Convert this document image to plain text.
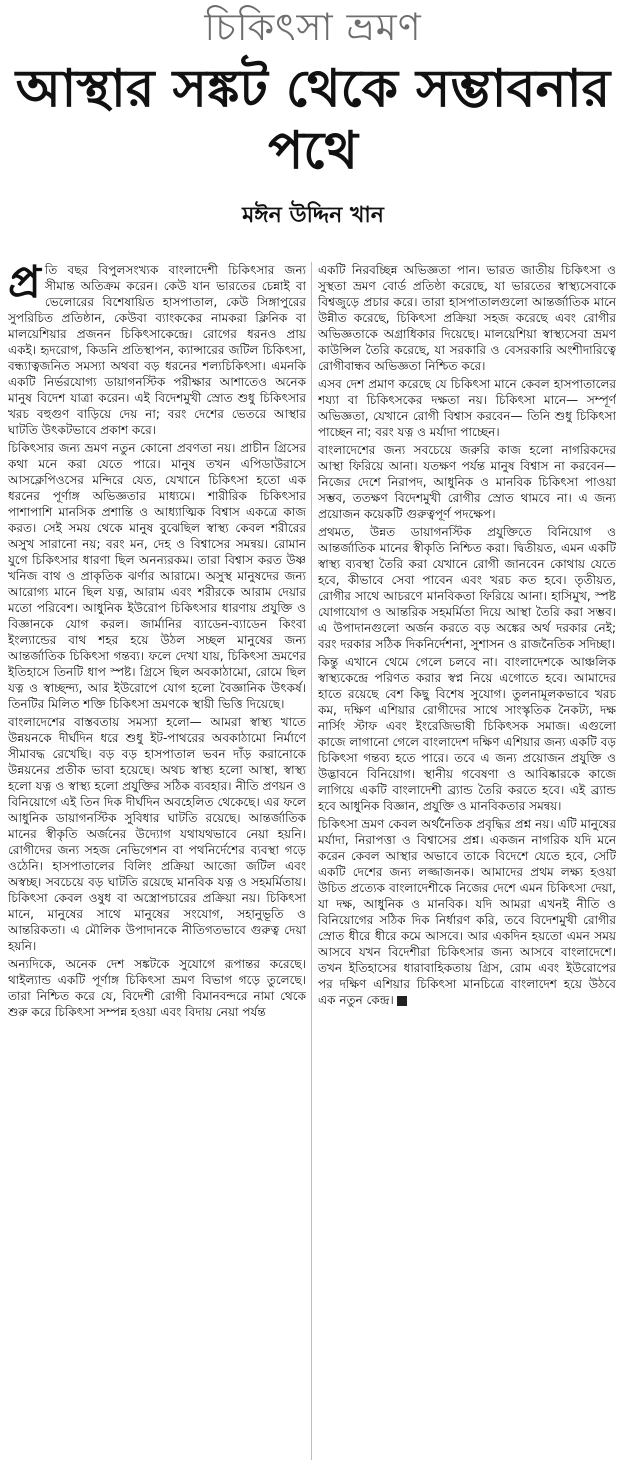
চিকিৎসা ভ্রমণ
আস্থার সঙ্কট থেকে সম্ভাবনার পথে
মঈন উদ্দিন খান

প্র তি বছর বিপুলসংখ্যক বাংলাদেশী চিকিৎসার জন্য সীমান্ত অতিক্রম করেন। কেউ যান ভারতের চেন্নাই বা ভেলোরের বিশেষায়িত হাসপাতাল, কেউ সিঙ্গাপুরের সুপরিচিত প্রতিষ্ঠান, কেউবা ব্যাংককের নামকরা ক্লিনিক বা মালয়েশিয়ার প্রজনন চিকিৎসাকেন্দ্রে। রোগের ধরনও প্রায় একই। হৃদরোগ, কিডনি প্রতিস্থাপন, ক্যান্সারের জটিল চিকিৎসা, বন্ধ্যাত্বজনিত সমস্যা অথবা বড় ধরনের শল্যচিকিৎসা। এমনকি একটি নির্ভরযোগ্য ডায়াগনস্টিক পরীক্ষার আশাতেও অনেক মানুষ বিদেশ যাত্রা করেন। এই বিদেশমুখী স্রোত শুধু চিকিৎসার খরচ বহুগুণ বাড়িয়ে দেয় না; বরং দেশের ভেতরে আস্থার ঘাটতি উৎকটভাবে প্রকাশ করে।

চিকিৎসার জন্য ভ্রমণ নতুন কোনো প্রবণতা নয়। প্রাচীন গ্রিসের কথা মনে করা যেতে পারে। মানুষ তখন এপিডাউরাসে আসক্লেপিওসের মন্দিরে যেত, যেখানে চিকিৎসা হতো এক ধরনের পূর্ণাঙ্গ অভিজ্ঞতার মাধ্যমে। শারীরিক চিকিৎসার পাশাপাশি মানসিক প্রশান্তি ও আধ্যাত্মিক বিশ্বাস একত্রে কাজ করত। সেই সময় থেকে মানুষ বুঝেছিল স্বাস্থ্য কেবল শরীরের অসুখ সারানো নয়; বরং মন, দেহ ও বিশ্বাসের সমন্বয়। রোমান যুগে চিকিৎসার ধারণা ছিল অনন্যরকম। তারা বিশ্বাস করত উষ্ণ খনিজ বাথ ও প্রাকৃতিক ঝর্ণার আরামে। অসুস্থ মানুষদের জন্য আরোগ্য মানে ছিল যত্ন, আরাম এবং শরীরকে আরাম দেয়ার মতো পরিবেশ। আধুনিক ইউরোপ চিকিৎসার ধারণায় প্রযুক্তি ও বিজ্ঞানকে যোগ করল। জার্মানির ব্যাডেন-ব্যাডেন কিংবা ইংল্যান্ডের বাথ শহর হয়ে উঠল সচ্ছল মানুষের জন্য আন্তর্জাতিক চিকিৎসা গন্তব্য। ফলে দেখা যায়, চিকিৎসা ভ্রমণের ইতিহাসে তিনটি ধাপ স্পষ্ট। গ্রিসে ছিল অবকাঠামো, রোমে ছিল যত্ন ও স্বাচ্ছন্দ্য, আর ইউরোপে যোগ হলো বৈজ্ঞানিক উৎকর্ষ। তিনটির মিলিত শক্তি চিকিৎসা ভ্রমণকে স্থায়ী ভিত্তি দিয়েছে।

বাংলাদেশের বাস্তবতায় সমস্যা হলো— আমরা স্বাস্থ্য খাতে উন্নয়নকে দীর্ঘদিন ধরে শুধু ইট-পাথরের অবকাঠামো নির্মাণে সীমাবদ্ধ রেখেছি। বড় বড় হাসপাতাল ভবন দাঁড় করানোকে উন্নয়নের প্রতীক ভাবা হয়েছে। অথচ স্বাস্থ্য হলো আস্থা, স্বাস্থ্য হলো যত্ন ও স্বাস্থ্য হলো প্রযুক্তির সঠিক ব্যবহার। নীতি প্রণয়ন ও বিনিয়োগে এই তিন দিক দীর্ঘদিন অবহেলিত থেকেছে। এর ফলে আধুনিক ডায়াগনস্টিক সুবিধার ঘাটতি রয়েছে। আন্তর্জাতিক মানের স্বীকৃতি অর্জনের উদ্যোগ যথাযথভাবে নেয়া হয়নি। রোগীদের জন্য সহজ নেভিগেশন বা পথনির্দেশের ব্যবস্থা গড়ে ওঠেনি। হাসপাতালের বিলিং প্রক্রিয়া আজো জটিল এবং অস্বচ্ছ। সবচেয়ে বড় ঘাটতি রয়েছে মানবিক যত্ন ও সহমর্মিতায়। চিকিৎসা কেবল ওষুধ বা অস্ত্রোপচারের প্রক্রিয়া নয়। চিকিৎসা মানে, মানুষের সাথে মানুষের সংযোগ, সহানুভূতি ও আন্তরিকতা। এ মৌলিক উপাদানকে নীতিগতভাবে গুরুত্ব দেয়া হয়নি।

অন্যদিকে, অনেক দেশ সঙ্কটকে সুযোগে রূপান্তর করেছে। থাইল্যান্ড একটি পূর্ণাঙ্গ চিকিৎসা ভ্রমণ বিভাগ গড়ে তুলেছে। তারা নিশ্চিত করে যে, বিদেশী রোগী বিমানবন্দরে নামা থেকে শুরু করে চিকিৎসা সম্পন্ন হওয়া এবং বিদায় নেয়া পর্যন্ত

একটি নিরবচ্ছিন্ন অভিজ্ঞতা পান। ভারত জাতীয় চিকিৎসা ও সুস্থতা ভ্রমণ বোর্ড প্রতিষ্ঠা করেছে, যা ভারতের স্বাস্থ্যসেবাকে বিশ্বজুড়ে প্রচার করে। তারা হাসপাতালগুলো আন্তর্জাতিক মানে উন্নীত করেছে, চিকিৎসা প্রক্রিয়া সহজ করেছে এবং রোগীর অভিজ্ঞতাকে অগ্রাধিকার দিয়েছে। মালয়েশিয়া স্বাস্থ্যসেবা ভ্রমণ কাউন্সিল তৈরি করেছে, যা সরকারি ও বেসরকারি অংশীদারিত্বে রোগীবান্ধব অভিজ্ঞতা নিশ্চিত করে।

এসব দেশ প্রমাণ করেছে যে চিকিৎসা মানে কেবল হাসপাতালের শয্যা বা চিকিৎসকের দক্ষতা নয়। চিকিৎসা মানে— সম্পূর্ণ অভিজ্ঞতা, যেখানে রোগী বিশ্বাস করবেন— তিনি শুধু চিকিৎসা পাচ্ছেন না; বরং যত্ন ও মর্যাদা পাচ্ছেন।

বাংলাদেশের জন্য সবচেয়ে জরুরি কাজ হলো নাগরিকদের আস্থা ফিরিয়ে আনা। যতক্ষণ পর্যন্ত মানুষ বিশ্বাস না করবেন— নিজের দেশে নিরাপদ, আধুনিক ও মানবিক চিকিৎসা পাওয়া সম্ভব, ততক্ষণ বিদেশমুখী রোগীর স্রোত থামবে না। এ জন্য প্রয়োজন কয়েকটি গুরুত্বপূর্ণ পদক্ষেপ।

প্রথমত, উন্নত ডায়াগনস্টিক প্রযুক্তিতে বিনিয়োগ ও আন্তর্জাতিক মানের স্বীকৃতি নিশ্চিত করা। দ্বিতীয়ত, এমন একটি স্বাস্থ্য ব্যবস্থা তৈরি করা যেখানে রোগী জানবেন কোথায় যেতে হবে, কীভাবে সেবা পাবেন এবং খরচ কত হবে। তৃতীয়ত, রোগীর সাথে আচরণে মানবিকতা ফিরিয়ে আনা। হাসিমুখ, স্পষ্ট যোগাযোগ ও আন্তরিক সহমর্মিতা দিয়ে আস্থা তৈরি করা সম্ভব। এ উপাদানগুলো অর্জন করতে বড় অঙ্কের অর্থ দরকার নেই; বরং দরকার সঠিক দিকনির্দেশনা, সুশাসন ও রাজনৈতিক সদিচ্ছা।

কিন্তু এখানে থেমে গেলে চলবে না। বাংলাদেশকে আঞ্চলিক স্বাস্থ্যকেন্দ্রে পরিণত করার স্বপ্ন নিয়ে এগোতে হবে। আমাদের হাতে রয়েছে বেশ কিছু বিশেষ সুযোগ। তুলনামূলকভাবে খরচ কম, দক্ষিণ এশিয়ার রোগীদের সাথে সাংস্কৃতিক নৈকট্য, দক্ষ নার্সিং স্টাফ এবং ইংরেজিভাষী চিকিৎসক সমাজ। এগুলো কাজে লাগানো গেলে বাংলাদেশ দক্ষিণ এশিয়ার জন্য একটি বড় চিকিৎসা গন্তব্য হতে পারে। তবে এ জন্য প্রয়োজন প্রযুক্তি ও উদ্ভাবনে বিনিয়োগ। স্থানীয় গবেষণা ও আবিষ্কারকে কাজে লাগিয়ে একটি বাংলাদেশী ব্র্যান্ড তৈরি করতে হবে। এই ব্র্যান্ড হবে আধুনিক বিজ্ঞান, প্রযুক্তি ও মানবিকতার সমন্বয়।

চিকিৎসা ভ্রমণ কেবল অর্থনৈতিক প্রবৃদ্ধির প্রশ্ন নয়। এটি মানুষের মর্যাদা, নিরাপত্তা ও বিশ্বাসের প্রশ্ন। একজন নাগরিক যদি মনে করেন কেবল আস্থার অভাবে তাকে বিদেশে যেতে হবে, সেটি একটি দেশের জন্য লজ্জাজনক। আমাদের প্রথম লক্ষ্য হওয়া উচিত প্রত্যেক বাংলাদেশীকে নিজের দেশে এমন চিকিৎসা দেয়া, যা দক্ষ, আধুনিক ও মানবিক। যদি আমরা এখনই নীতি ও বিনিয়োগের সঠিক দিক নির্ধারণ করি, তবে বিদেশমুখী রোগীর স্রোত ধীরে ধীরে কমে আসবে। আর একদিন হয়তো এমন সময় আসবে যখন বিদেশীরা চিকিৎসার জন্য আসবে বাংলাদেশে। তখন ইতিহাসের ধারাবাহিকতায় গ্রিস, রোম এবং ইউরোপের পর দক্ষিণ এশিয়ার চিকিৎসা মানচিত্রে বাংলাদেশ হয়ে উঠবে এক নতুন কেন্দ্র।
